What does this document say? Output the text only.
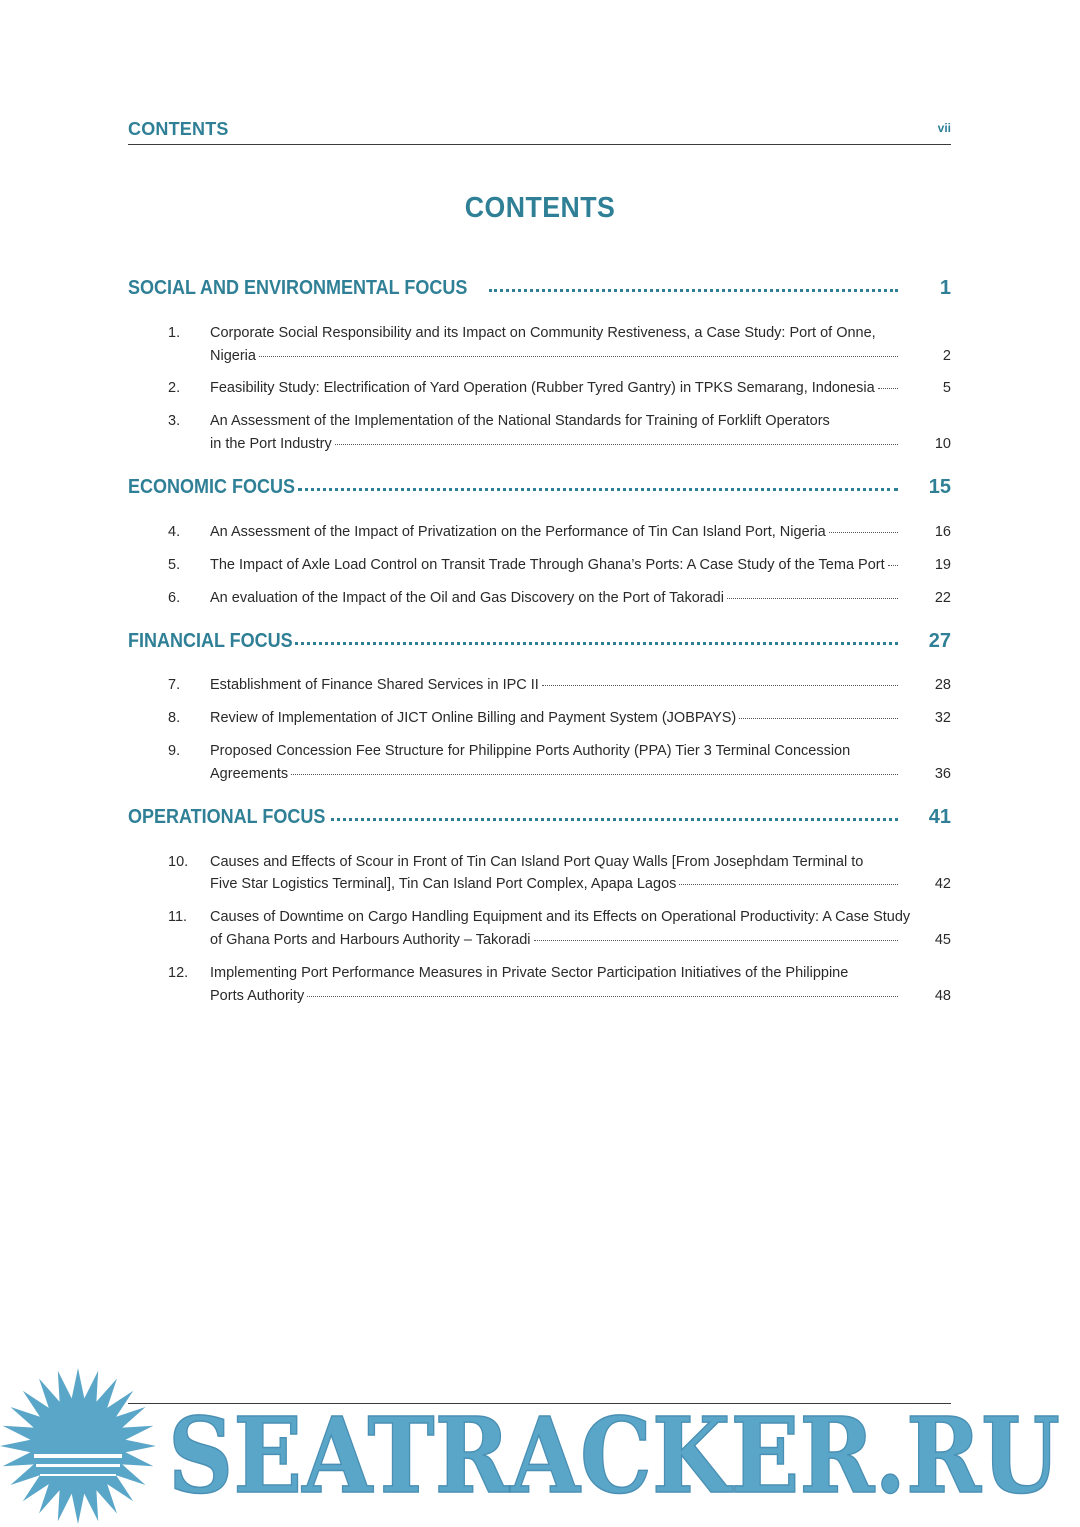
CONTENTS	vii
CONTENTS
SOCIAL AND ENVIRONMENTAL FOCUS	1
1. Corporate Social Responsibility and its Impact on Community Restiveness, a Case Study: Port of Onne,
Nigeria	2
2. Feasibility Study: Electrification of Yard Operation (Rubber Tyred Gantry) in TPKS Semarang, Indonesia	5
3. An Assessment of the Implementation of the National Standards for Training of Forklift Operators
in the Port Industry	10
ECONOMIC FOCUS	15
4. An Assessment of the Impact of Privatization on the Performance of Tin Can Island Port, Nigeria	16
5. The Impact of Axle Load Control on Transit Trade Through Ghana’s Ports: A Case Study of the Tema Port	19
6. An evaluation of the Impact of the Oil and Gas Discovery on the Port of Takoradi	22
FINANCIAL FOCUS	27
7. Establishment of Finance Shared Services in IPC II	28
8. Review of Implementation of JICT Online Billing and Payment System (JOBPAYS)	32
9. Proposed Concession Fee Structure for Philippine Ports Authority (PPA) Tier 3 Terminal Concession
Agreements	36
OPERATIONAL FOCUS	41
10. Causes and Effects of Scour in Front of Tin Can Island Port Quay Walls [From Josephdam Terminal to
Five Star Logistics Terminal], Tin Can Island Port Complex, Apapa Lagos	42
11. Causes of Downtime on Cargo Handling Equipment and its Effects on Operational Productivity: A Case Study
of Ghana Ports and Harbours Authority – Takoradi	45
12. Implementing Port Performance Measures in Private Sector Participation Initiatives of the Philippine
Ports Authority	48
SEATRACKER.RU
